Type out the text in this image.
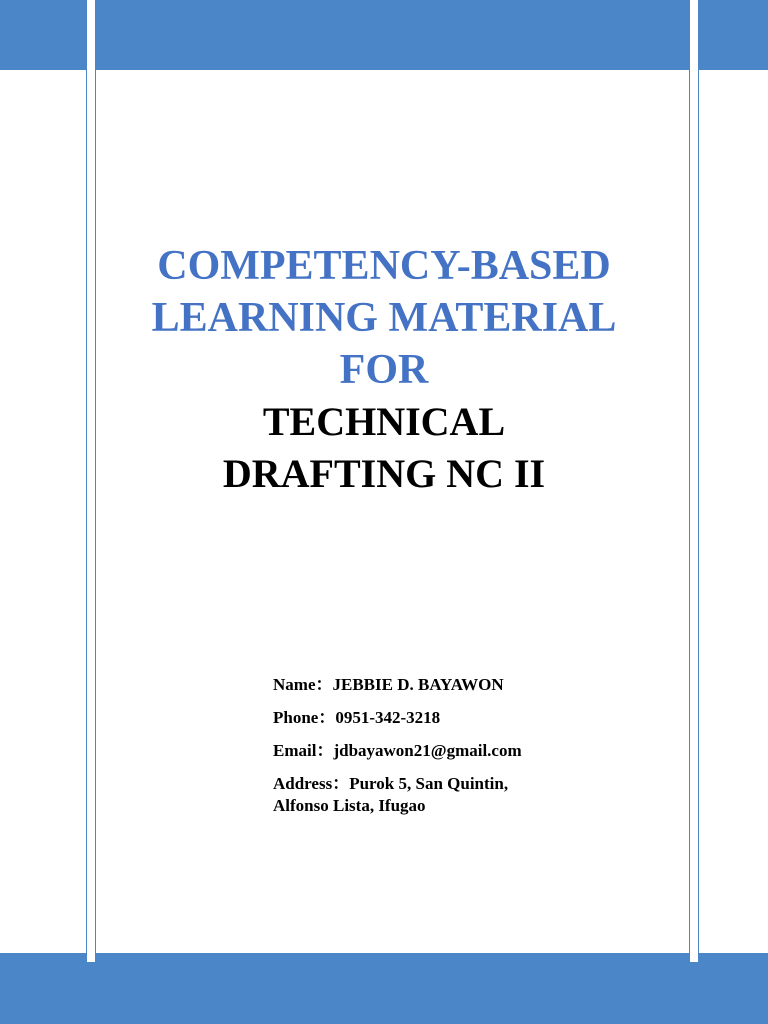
COMPETENCY-BASED
LEARNING MATERIAL
FOR
TECHNICAL
DRAFTING NC II
Name：JEBBIE D. BAYAWON
Phone：0951-342-3218
Email：jdbayawon21@gmail.com
Address：Purok 5, San Quintin,
Alfonso Lista, Ifugao
